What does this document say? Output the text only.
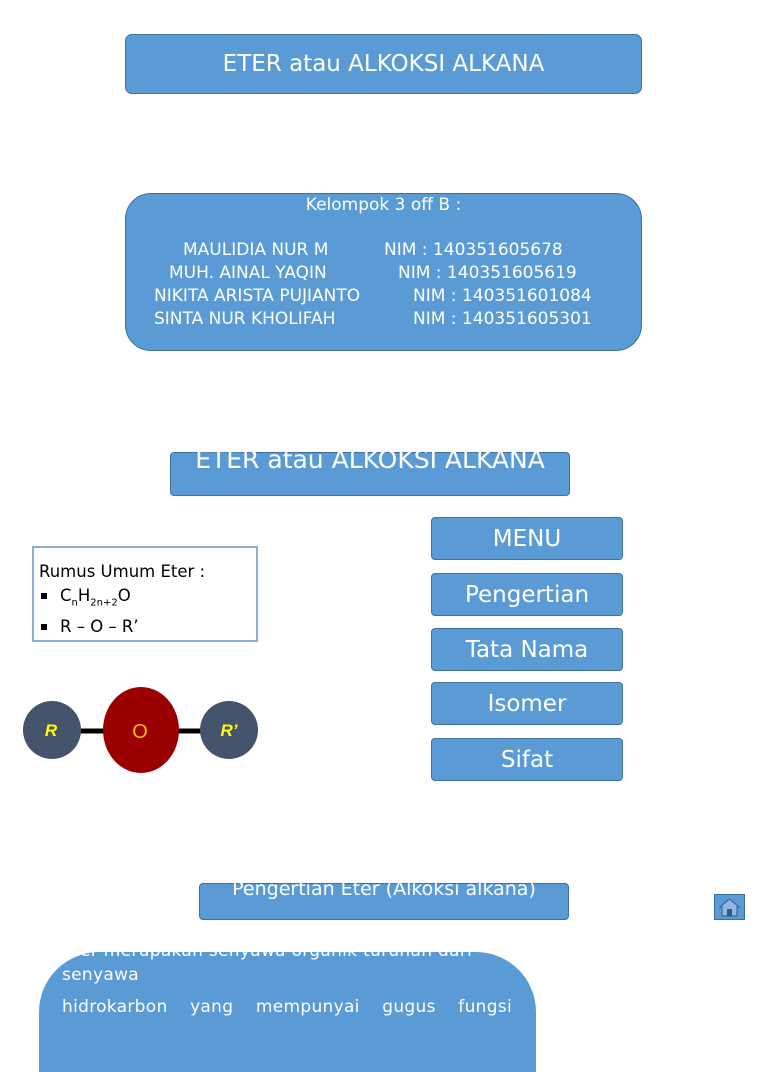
ETER atau ALKOKSI ALKANA
Kelompok 3 off B :
MAULIDIA NUR M	NIM : 140351605678
MUH. AINAL YAQIN	NIM : 140351605619
NIKITA ARISTA PUJIANTO	NIM : 140351601084
SINTA NUR KHOLIFAH	NIM : 140351605301
ETER atau ALKOKSI ALKANA
Rumus Umum Eter :
$C_nH_{2n+2}O$
R – O – R’
R	O	R’
MENU
Pengertian
Tata Nama
Isomer
Sifat
Pengertian Eter (Alkoksi alkana)
Eter merupakan senyawa organik turunan dari
senyawa
hidrokarbon yang mempunyai gugus fungsi
